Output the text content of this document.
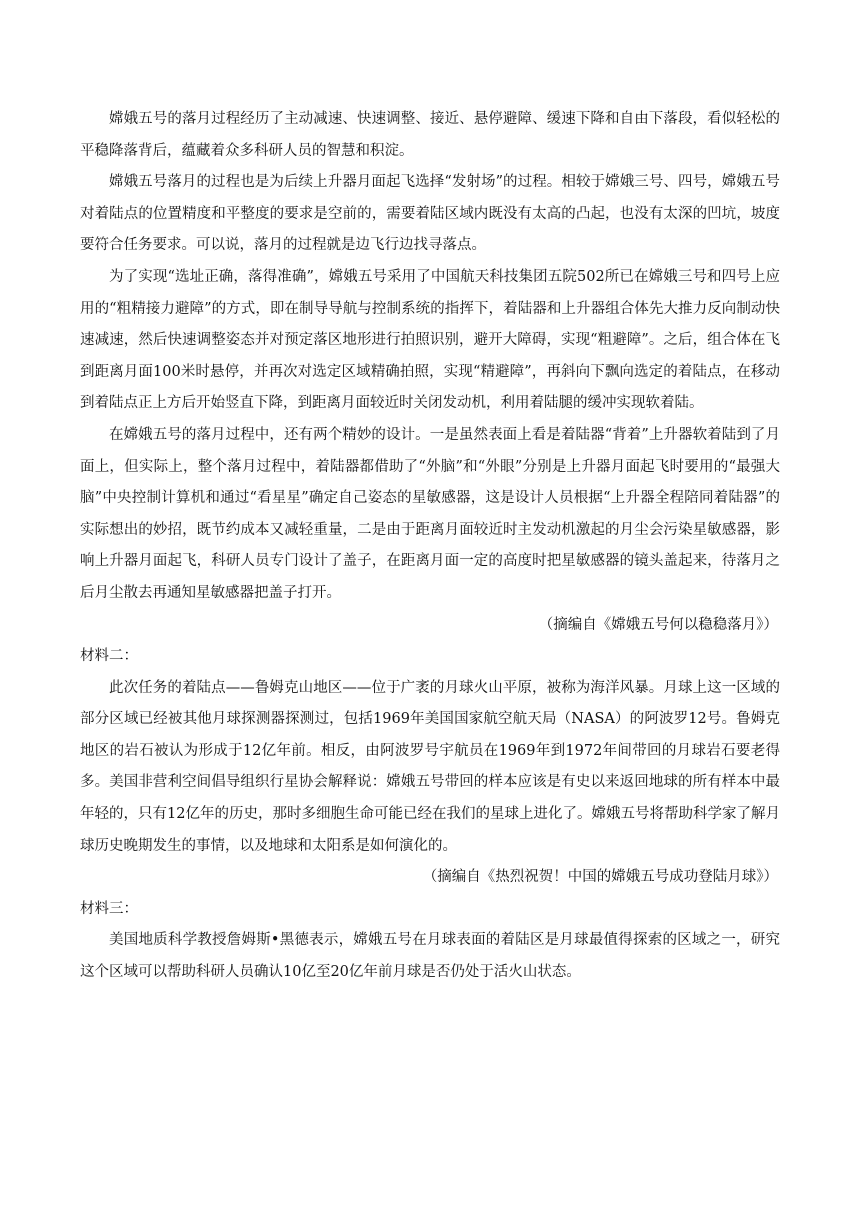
嫦娥五号的落月过程经历了主动减速、快速调整、接近、悬停避障、缓速下降和自由下落段，看似轻松的平稳降落背后，蕴藏着众多科研人员的智慧和积淀。

嫦娥五号落月的过程也是为后续上升器月面起飞选择“发射场”的过程。相较于嫦娥三号、四号，嫦娥五号对着陆点的位置精度和平整度的要求是空前的，需要着陆区域内既没有太高的凸起，也没有太深的凹坑，坡度要符合任务要求。可以说，落月的过程就是边飞行边找寻落点。

为了实现“选址正确，落得准确”，嫦娥五号采用了中国航天科技集团五院502所已在嫦娥三号和四号上应用的“粗精接力避障”的方式，即在制导导航与控制系统的指挥下，着陆器和上升器组合体先大推力反向制动快速减速，然后快速调整姿态并对预定落区地形进行拍照识别，避开大障碍，实现“粗避障”。之后，组合体在飞到距离月面100米时悬停，并再次对选定区域精确拍照，实现“精避障”，再斜向下飘向选定的着陆点，在移动到着陆点正上方后开始竖直下降，到距离月面较近时关闭发动机，利用着陆腿的缓冲实现软着陆。

在嫦娥五号的落月过程中，还有两个精妙的设计。一是虽然表面上看是着陆器“背着”上升器软着陆到了月面上，但实际上，整个落月过程中，着陆器都借助了“外脑”和“外眼”分别是上升器月面起飞时要用的“最强大脑”中央控制计算机和通过“看星星”确定自己姿态的星敏感器，这是设计人员根据“上升器全程陪同着陆器”的实际想出的妙招，既节约成本又减轻重量，二是由于距离月面较近时主发动机激起的月尘会污染星敏感器，影响上升器月面起飞，科研人员专门设计了盖子，在距离月面一定的高度时把星敏感器的镜头盖起来，待落月之后月尘散去再通知星敏感器把盖子打开。

（摘编自《嫦娥五号何以稳稳落月》）

材料二：

此次任务的着陆点——鲁姆克山地区——位于广袤的月球火山平原，被称为海洋风暴。月球上这一区域的部分区域已经被其他月球探测器探测过，包括1969年美国国家航空航天局（NASA）的阿波罗12号。鲁姆克地区的岩石被认为形成于12亿年前。相反，由阿波罗号宇航员在1969年到1972年间带回的月球岩石要老得多。美国非营利空间倡导组织行星协会解释说：嫦娥五号带回的样本应该是有史以来返回地球的所有样本中最年轻的，只有12亿年的历史，那时多细胞生命可能已经在我们的星球上进化了。嫦娥五号将帮助科学家了解月球历史晚期发生的事情，以及地球和太阳系是如何演化的。

（摘编自《热烈祝贺！中国的嫦娥五号成功登陆月球》）

材料三：

美国地质科学教授詹姆斯•黑德表示，嫦娥五号在月球表面的着陆区是月球最值得探索的区域之一，研究这个区域可以帮助科研人员确认10亿至20亿年前月球是否仍处于活火山状态。
